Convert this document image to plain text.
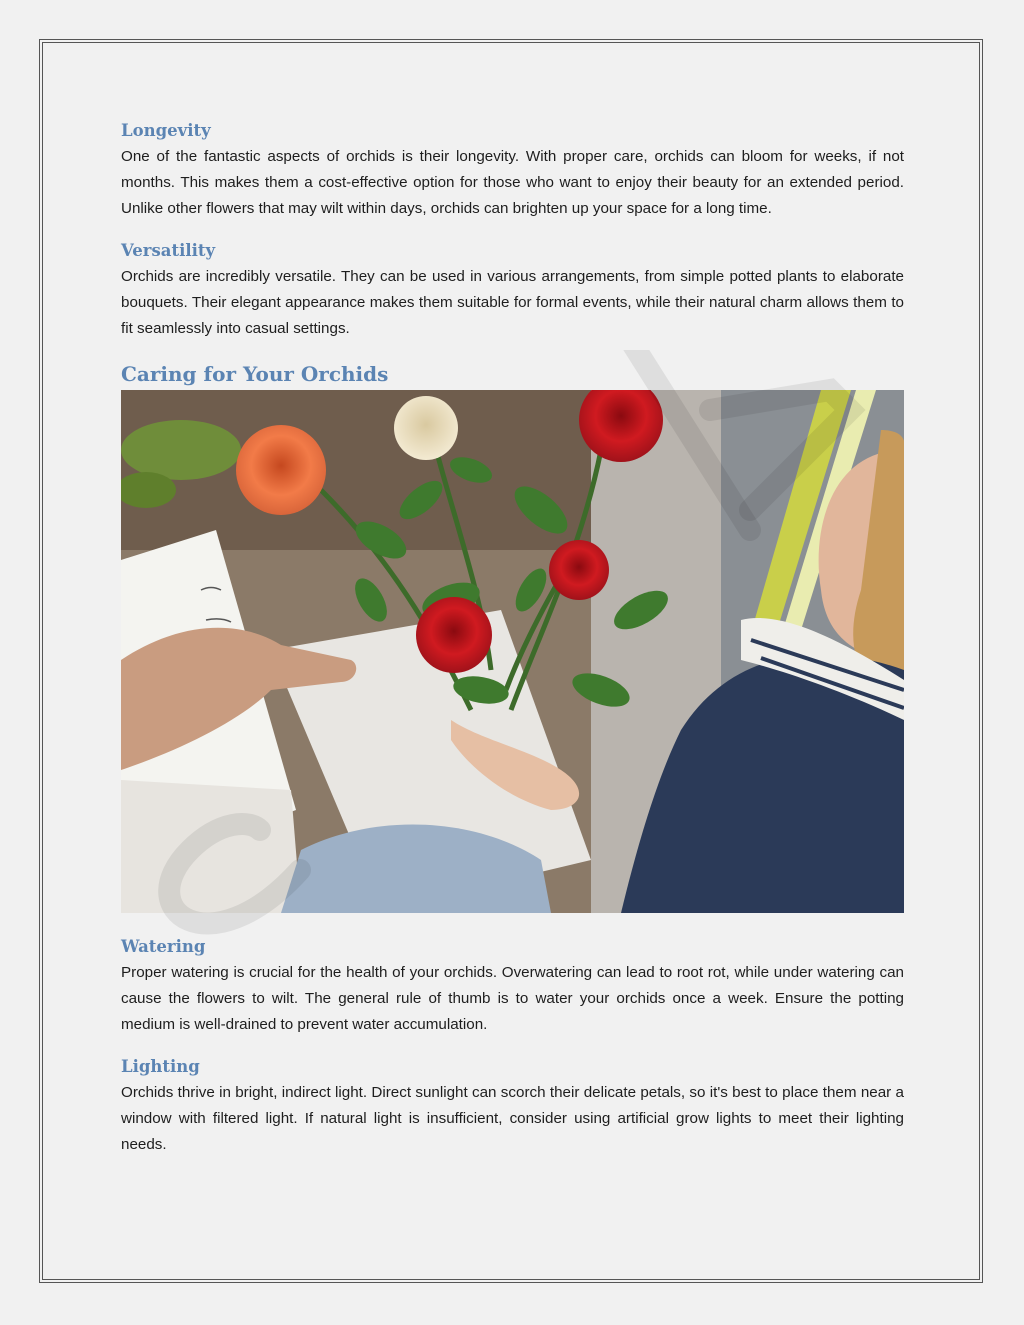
Longevity

One of the fantastic aspects of orchids is their longevity. With proper care, orchids can bloom for weeks, if not months. This makes them a cost-effective option for those who want to enjoy their beauty for an extended period. Unlike other flowers that may wilt within days, orchids can brighten up your space for a long time.

Versatility

Orchids are incredibly versatile. They can be used in various arrangements, from simple potted plants to elaborate bouquets. Their elegant appearance makes them suitable for formal events, while their natural charm allows them to fit seamlessly into casual settings.

Caring for Your Orchids
Watering

Proper watering is crucial for the health of your orchids. Overwatering can lead to root rot, while under watering can cause the flowers to wilt. The general rule of thumb is to water your orchids once a week. Ensure the potting medium is well-drained to prevent water accumulation.

Lighting

Orchids thrive in bright, indirect light. Direct sunlight can scorch their delicate petals, so it's best to place them near a window with filtered light. If natural light is insufficient, consider using artificial grow lights to meet their lighting needs.
